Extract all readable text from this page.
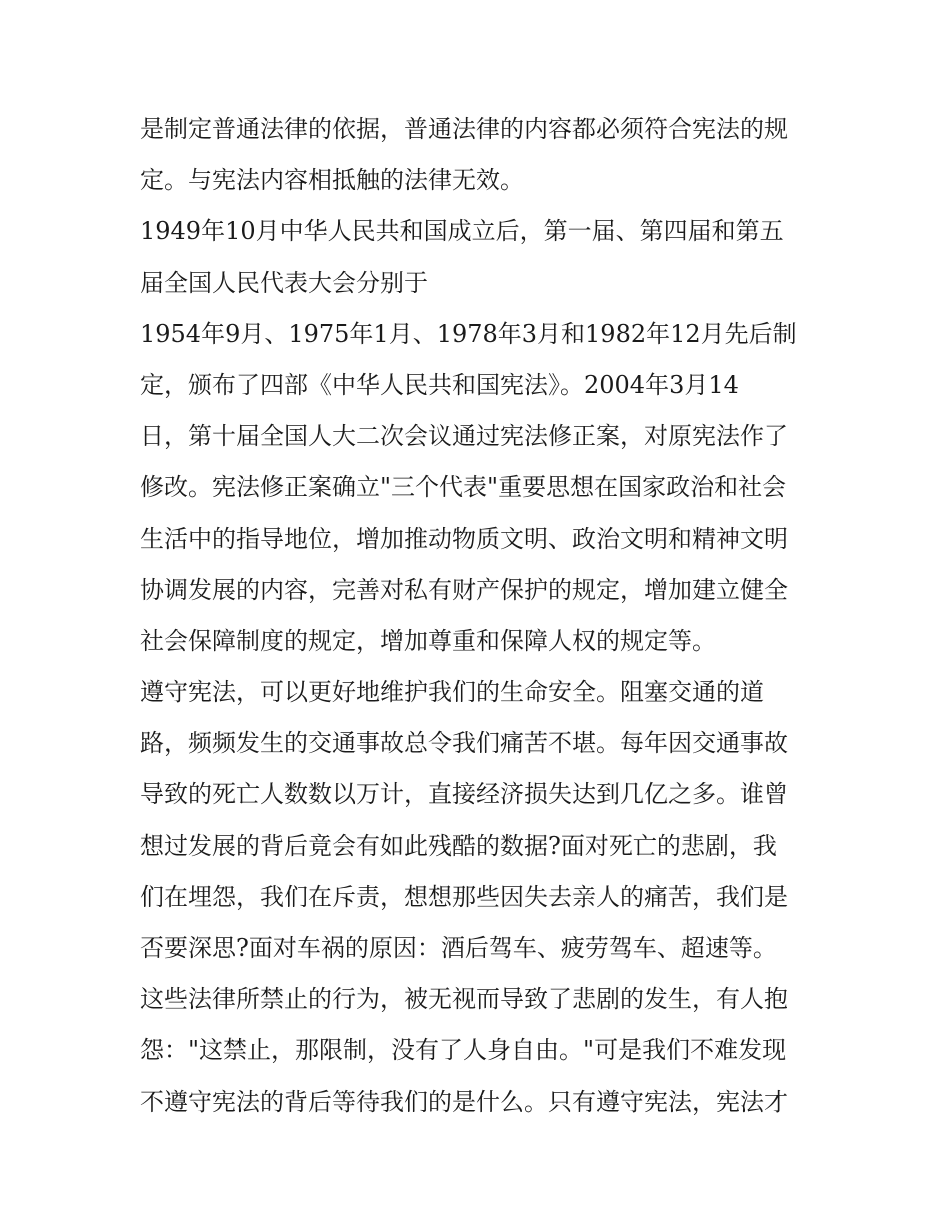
是制定普通法律的依据，普通法律的内容都必须符合宪法的规
定。与宪法内容相抵触的法律无效。
1949年10月中华人民共和国成立后，第一届、第四届和第五
届全国人民代表大会分别于
1954年9月、1975年1月、1978年3月和1982年12月先后制
定，颁布了四部《中华人民共和国宪法》。2004年3月14
日，第十届全国人大二次会议通过宪法修正案，对原宪法作了
修改。宪法修正案确立"三个代表"重要思想在国家政治和社会
生活中的指导地位，增加推动物质文明、政治文明和精神文明
协调发展的内容，完善对私有财产保护的规定，增加建立健全
社会保障制度的规定，增加尊重和保障人权的规定等。
遵守宪法，可以更好地维护我们的生命安全。阻塞交通的道
路，频频发生的交通事故总令我们痛苦不堪。每年因交通事故
导致的死亡人数数以万计，直接经济损失达到几亿之多。谁曾
想过发展的背后竟会有如此残酷的数据?面对死亡的悲剧，我
们在埋怨，我们在斥责，想想那些因失去亲人的痛苦，我们是
否要深思?面对车祸的原因：酒后驾车、疲劳驾车、超速等。
这些法律所禁止的行为，被无视而导致了悲剧的发生，有人抱
怨："这禁止，那限制，没有了人身自由。"可是我们不难发现
不遵守宪法的背后等待我们的是什么。只有遵守宪法，宪法才
